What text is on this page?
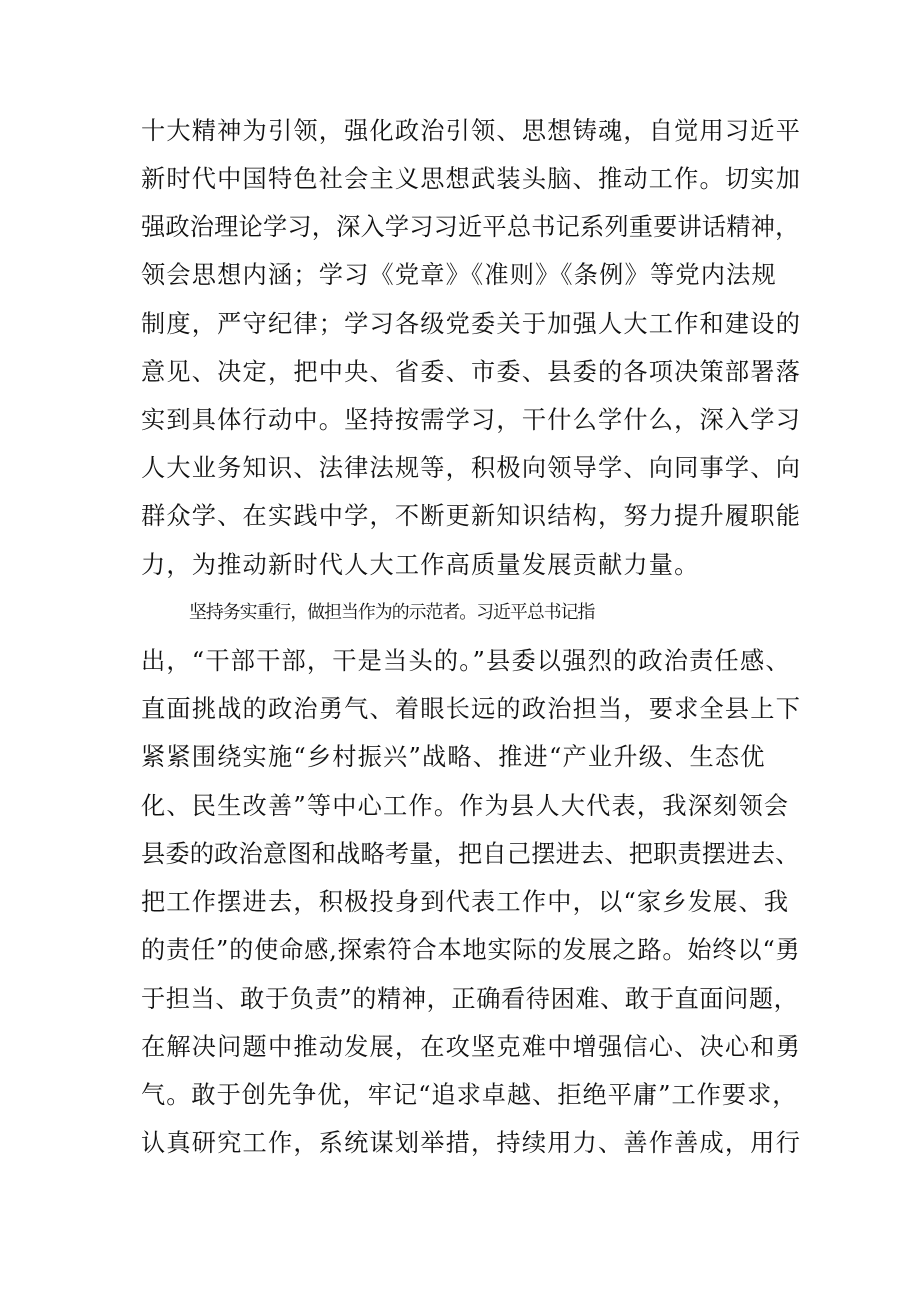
十大精神为引领，强化政治引领、思想铸魂，自觉用习近平
新时代中国特色社会主义思想武装头脑、推动工作。切实加
强政治理论学习，深入学习习近平总书记系列重要讲话精神，
领会思想内涵；学习《党章》《准则》《条例》等党内法规
制度，严守纪律；学习各级党委关于加强人大工作和建设的
意见、决定，把中央、省委、市委、县委的各项决策部署落
实到具体行动中。坚持按需学习，干什么学什么，深入学习
人大业务知识、法律法规等，积极向领导学、向同事学、向
群众学、在实践中学，不断更新知识结构，努力提升履职能
力，为推动新时代人大工作高质量发展贡献力量。
坚持务实重行，做担当作为的示范者。习近平总书记指
出，“干部干部，干是当头的。”县委以强烈的政治责任感、
直面挑战的政治勇气、着眼长远的政治担当，要求全县上下
紧紧围绕实施“乡村振兴”战略、推进“产业升级、生态优
化、民生改善”等中心工作。作为县人大代表，我深刻领会
县委的政治意图和战略考量，把自己摆进去、把职责摆进去、
把工作摆进去，积极投身到代表工作中，以“家乡发展、我
的责任”的使命感,探索符合本地实际的发展之路。始终以“勇
于担当、敢于负责”的精神，正确看待困难、敢于直面问题，
在解决问题中推动发展，在攻坚克难中增强信心、决心和勇
气。敢于创先争优，牢记“追求卓越、拒绝平庸”工作要求，
认真研究工作，系统谋划举措，持续用力、善作善成，用行
